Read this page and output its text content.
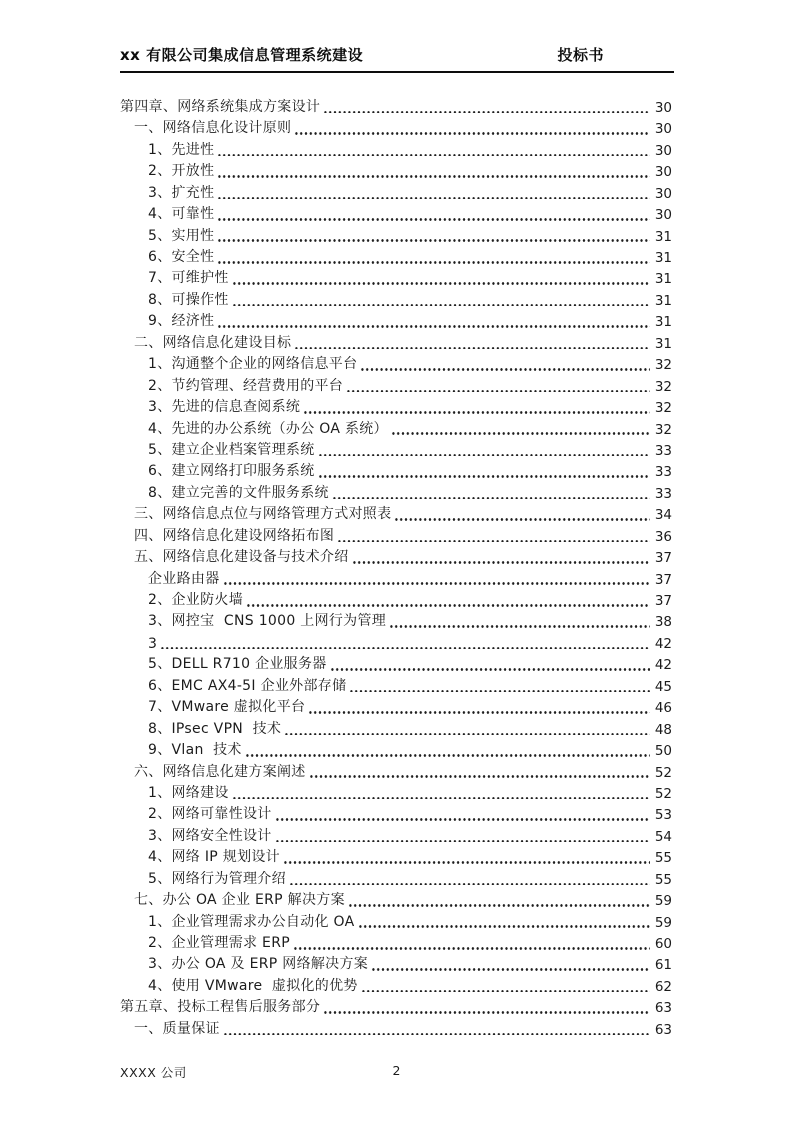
xx 有限公司集成信息管理系统建设	投标书
第四章、网络系统集成方案设计	30
一、网络信息化设计原则	30
1、先进性	30
2、开放性	30
3、扩充性	30
4、可靠性	30
5、实用性	31
6、安全性	31
7、可维护性	31
8、可操作性	31
9、经济性	31
二、网络信息化建设目标	31
1、沟通整个企业的网络信息平台	32
2、节约管理、经营费用的平台	32
3、先进的信息查阅系统	32
4、先进的办公系统（办公 OA 系统）	32
5、建立企业档案管理系统	33
6、建立网络打印服务系统	33
8、建立完善的文件服务系统	33
三、网络信息点位与网络管理方式对照表	34
四、网络信息化建设网络拓布图	36
五、网络信息化建设备与技术介绍	37
企业路由器	37
2、企业防火墙	37
3、网控宝  CNS 1000 上网行为管理	38
3	42
5、DELL R710 企业服务器	42
6、EMC AX4-5I 企业外部存储	45
7、VMware 虚拟化平台	46
8、IPsec VPN  技术	48
9、Vlan  技术	50
六、网络信息化建方案阐述	52
1、网络建设	52
2、网络可靠性设计	53
3、网络安全性设计	54
4、网络 IP 规划设计	55
5、网络行为管理介绍	55
七、办公 OA 企业 ERP 解决方案	59
1、企业管理需求办公自动化 OA	59
2、企业管理需求 ERP	60
3、办公 OA 及 ERP 网络解决方案	61
4、使用 VMware  虚拟化的优势	62
第五章、投标工程售后服务部分	63
一、质量保证	63
XXXX 公司	2
